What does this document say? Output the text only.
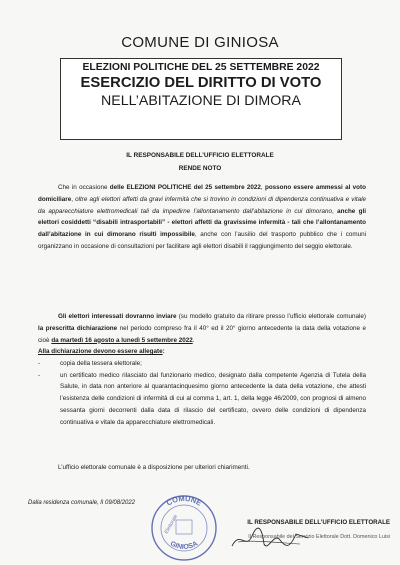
COMUNE DI GINIOSA
ELEZIONI POLITICHE DEL 25 SETTEMBRE 2022
ESERCIZIO DEL DIRITTO DI VOTO
NELL’ABITAZIONE DI DIMORA
IL RESPONSABILE DELL’UFFICIO ELETTORALE
RENDE NOTO
Che in occasione delle ELEZIONI POLITICHE del 25 settembre 2022, possono essere ammessi al voto domiciliare, oltre agli elettori affetti da gravi infermità che si trovino in condizioni di dipendenza continuativa e vitale da apparecchiature elettromedicali tali da impedirne l’allontanamento dall’abitazione in cui dimorano, anche gli elettori cosiddetti “disabili intrasportabili” - elettori affetti da gravissime infermità - tali che l’allontanamento dall’abitazione in cui dimorano risulti impossibile, anche con l’ausilio del trasporto pubblico che i comuni organizzano in occasione di consultazioni per facilitare agli elettori disabili il raggiungimento del seggio elettorale.
Gli elettori interessati dovranno inviare (su modello gratuito da ritirare presso l’ufficio elettorale comunale) la prescritta dichiarazione nel periodo compreso fra il 40° ed il 20° giorno antecedente la data della votazione e cioè da martedì 16 agosto a lunedì 5 settembre 2022.
Alla dichiarazione devono essere allegate:
-	copia della tessera elettorale;
-	un certificato medico rilasciato dal funzionario medico, designato dalla competente Agenzia di Tutela della Salute, in data non anteriore al quarantacinquesimo giorno antecedente la data della votazione, che attesti l’esistenza delle condizioni di infermità di cui al comma 1, art. 1, della legge 46/2009, con prognosi di almeno sessanta giorni decorrenti dalla data di rilascio del certificato, ovvero delle condizioni di dipendenza continuativa e vitale da apparecchiature elettromedicali.
L’ufficio elettorale comunale è a disposizione per ulteriori chiarimenti.
Dalla residenza comunale, lì 09/08/2022	COMUNE
GINIOSA
Elettorale	IL RESPONSABILE DELL’UFFICIO ELETTORALE
Il Responsabile del Servizio Elettorale Dott. Domenico Luisi
